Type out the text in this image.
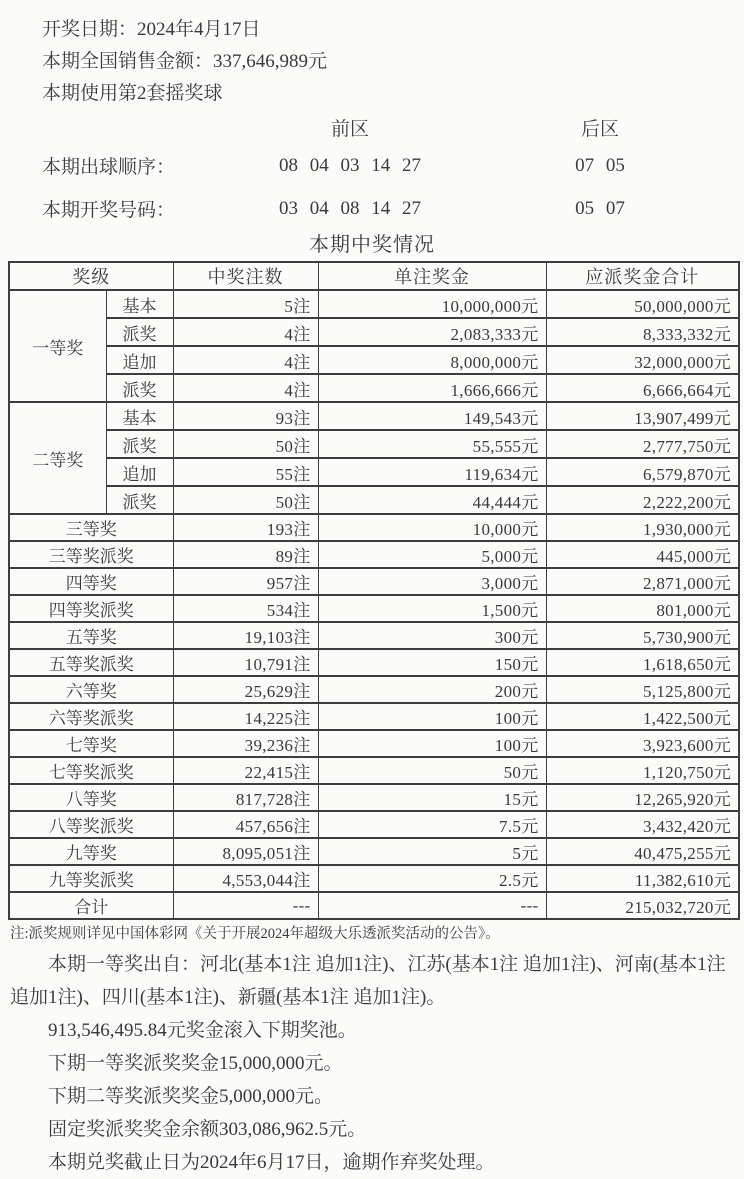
开奖日期：2024年4月17日

本期全国销售金额：337,646,989元

本期使用第2套摇奖球

前区	后区
本期出球顺序：	08 04 03 14 27	07 05
本期开奖号码：	03 04 08 14 27	05 07
本期中奖情况
奖级		中奖注数	单注奖金	应派奖金合计
一等奖	基本	5注	10,000,000元	50,000,000元
	派奖	4注	2,083,333元	8,333,332元
	追加	4注	8,000,000元	32,000,000元
	派奖	4注	1,666,666元	6,666,664元
二等奖	基本	93注	149,543元	13,907,499元
	派奖	50注	55,555元	2,777,750元
	追加	55注	119,634元	6,579,870元
	派奖	50注	44,444元	2,222,200元
三等奖		193注	10,000元	1,930,000元
三等奖派奖		89注	5,000元	445,000元
四等奖		957注	3,000元	2,871,000元
四等奖派奖		534注	1,500元	801,000元
五等奖		19,103注	300元	5,730,900元
五等奖派奖		10,791注	150元	1,618,650元
六等奖		25,629注	200元	5,125,800元
六等奖派奖		14,225注	100元	1,422,500元
七等奖		39,236注	100元	3,923,600元
七等奖派奖		22,415注	50元	1,120,750元
八等奖		817,728注	15元	12,265,920元
八等奖派奖		457,656注	7.5元	3,432,420元
九等奖		8,095,051注	5元	40,475,255元
九等奖派奖		4,553,044注	2.5元	11,382,610元
合计		---	---	215,032,720元

注:派奖规则详见中国体彩网《关于开展2024年超级大乐透派奖活动的公告》。

本期一等奖出自：河北(基本1注 追加1注)、江苏(基本1注 追加1注)、河南(基本1注 追加1注)、四川(基本1注)、新疆(基本1注 追加1注)。

913,546,495.84元奖金滚入下期奖池。

下期一等奖派奖奖金15,000,000元。

下期二等奖派奖奖金5,000,000元。

固定奖派奖奖金余额303,086,962.5元。

本期兑奖截止日为2024年6月17日，逾期作弃奖处理。
